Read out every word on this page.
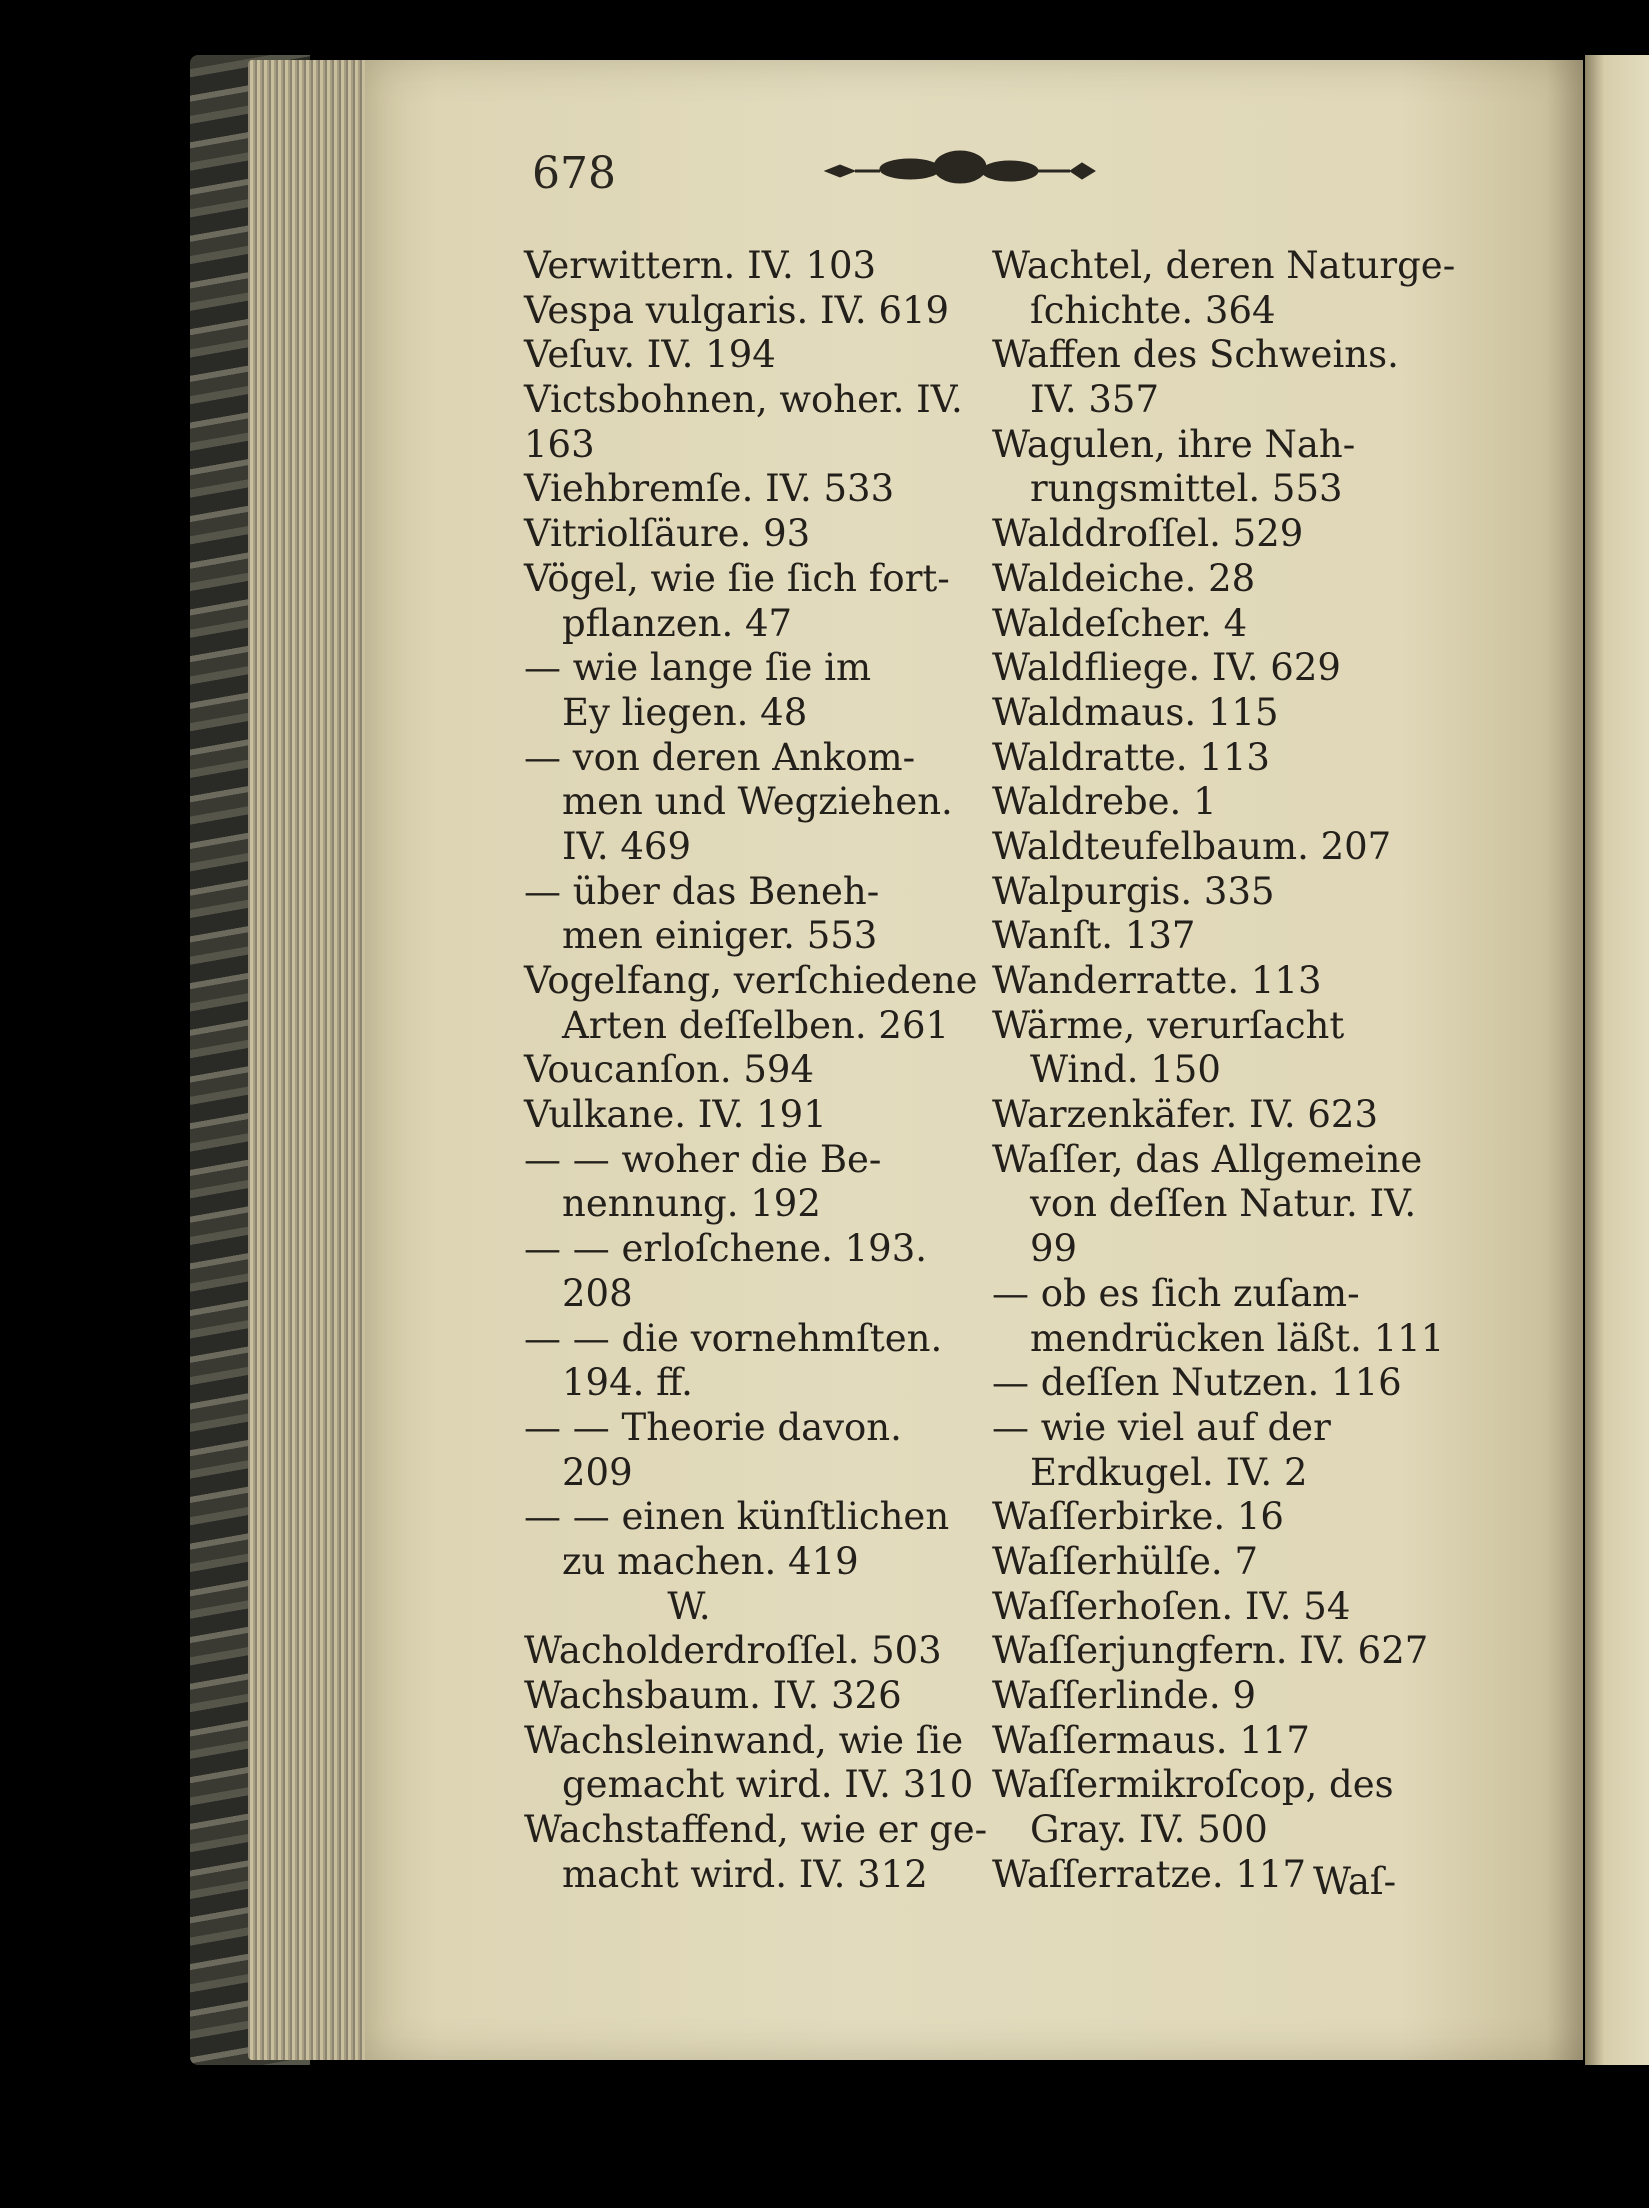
678
Verwittern. IV. 103
Vespa vulgaris. IV. 619
Veſuv. IV. 194
Victsbohnen, woher. IV.
163
Viehbremſe. IV. 533
Vitriolſäure. 93
Vögel, wie ſie ſich fort-
pflanzen. 47
— wie lange ſie im
Ey liegen. 48
— von deren Ankom-
men und Wegziehen.
IV. 469
— über das Beneh-
men einiger. 553
Vogelfang, verſchiedene
Arten deſſelben. 261
Voucanſon. 594
Vulkane. IV. 191
— — woher die Be-
nennung. 192
— — erloſchene. 193.
208
— — die vornehmſten.
194. ff.
— — Theorie davon.
209
— — einen künſtlichen
zu machen. 419
W.
Wacholderdroſſel. 503
Wachsbaum. IV. 326
Wachsleinwand, wie ſie
gemacht wird. IV. 310
Wachstaffend, wie er ge-
macht wird. IV. 312
Wachtel, deren Naturge-
ſchichte. 364
Waffen des Schweins.
IV. 357
Wagulen, ihre Nah-
rungsmittel. 553
Walddroſſel. 529
Waldeiche. 28
Waldeſcher. 4
Waldfliege. IV. 629
Waldmaus. 115
Waldratte. 113
Waldrebe. 1
Waldteufelbaum. 207
Walpurgis. 335
Wanſt. 137
Wanderratte. 113
Wärme, verurſacht
Wind. 150
Warzenkäfer. IV. 623
Waſſer, das Allgemeine
von deſſen Natur. IV.
99
— ob es ſich zuſam-
mendrücken läßt. 111
— deſſen Nutzen. 116
— wie viel auf der
Erdkugel. IV. 2
Waſſerbirke. 16
Waſſerhülſe. 7
Waſſerhoſen. IV. 54
Waſſerjungfern. IV. 627
Waſſerlinde. 9
Waſſermaus. 117
Waſſermikroſcop, des
Gray. IV. 500
Waſſerratze. 117 Waſ-
